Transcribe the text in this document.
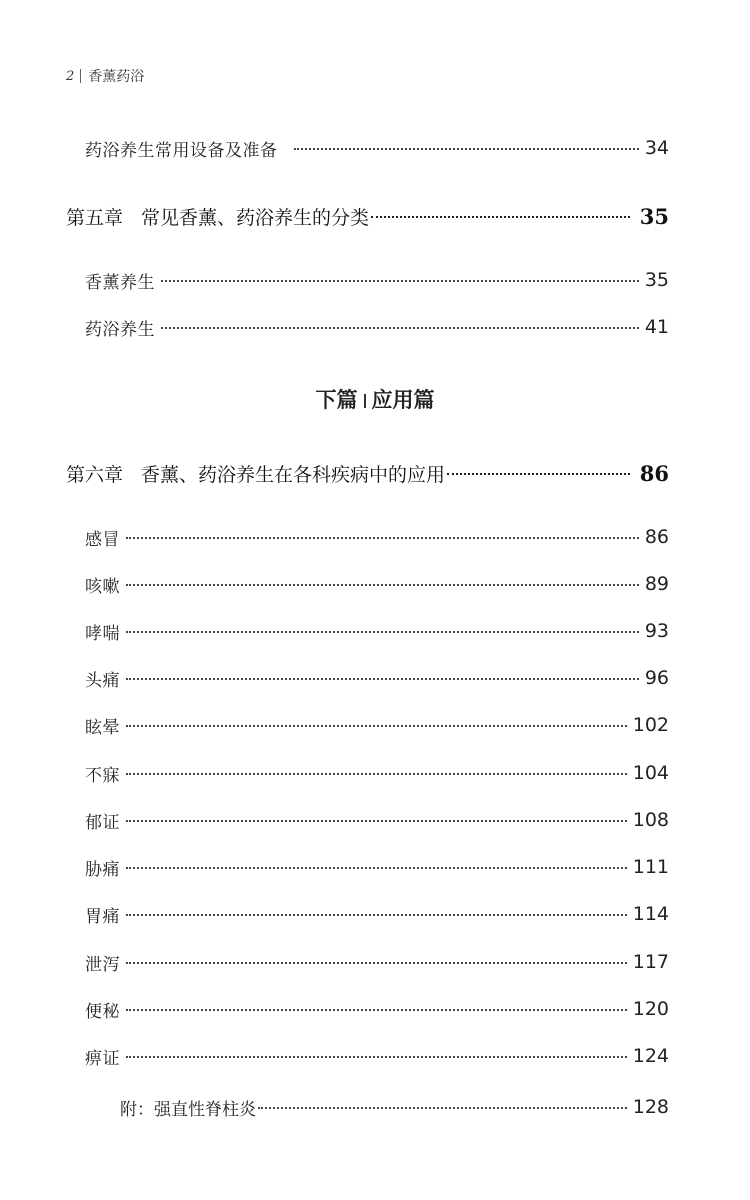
2 香薰药浴
药浴养生常用设备及准备	34
第五章 常见香薰、药浴养生的分类	35
香薰养生	35
药浴养生	41
下篇 应用篇
第六章 香薰、药浴养生在各科疾病中的应用	86
感冒	86
咳嗽	89
哮喘	93
头痛	96
眩晕	102
不寐	104
郁证	108
胁痛	111
胃痛	114
泄泻	117
便秘	120
痹证	124
附：强直性脊柱炎	128
